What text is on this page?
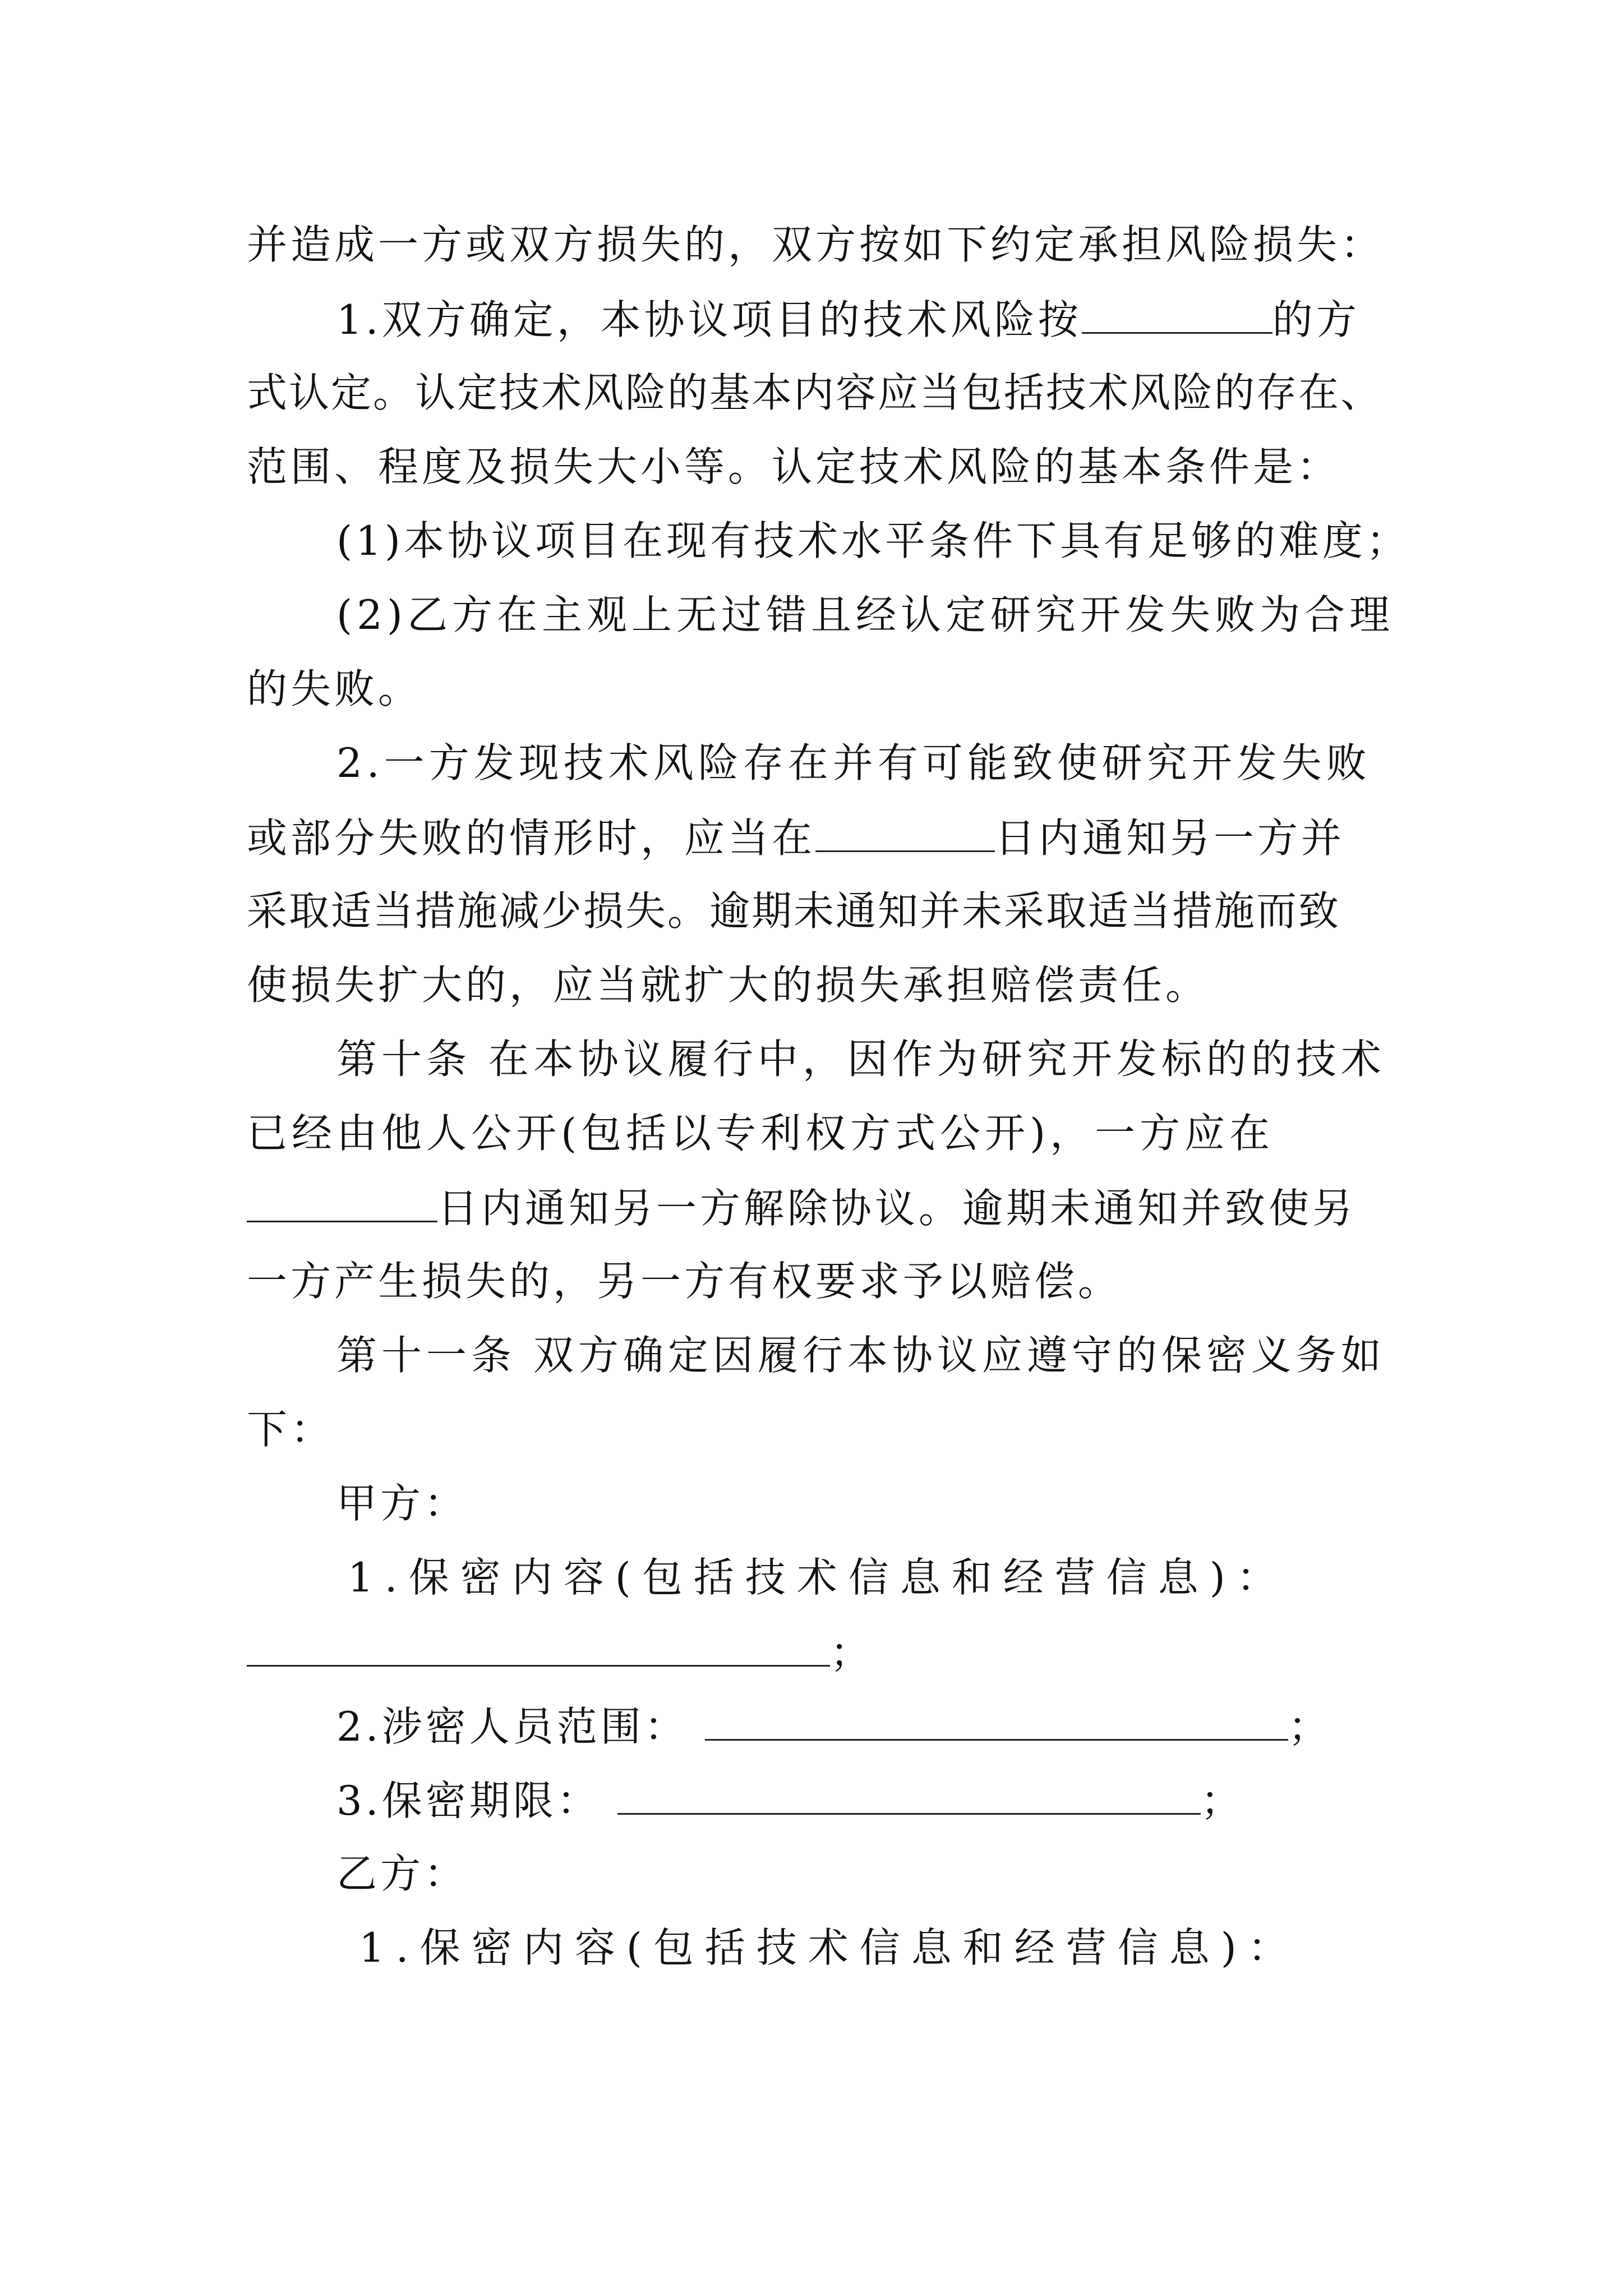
并造成一方或双方损失的，双方按如下约定承担风险损失：
1.双方确定，本协议项目的技术风险按	的方
式认定。认定技术风险的基本内容应当包括技术风险的存在、
范围、程度及损失大小等。认定技术风险的基本条件是：
(1)本协议项目在现有技术水平条件下具有足够的难度；
(2)乙方在主观上无过错且经认定研究开发失败为合理
的失败。
2.一方发现技术风险存在并有可能致使研究开发失败
或部分失败的情形时，应当在	日内通知另一方并
采取适当措施减少损失。逾期未通知并未采取适当措施而致
使损失扩大的，应当就扩大的损失承担赔偿责任。
第十条 在本协议履行中，因作为研究开发标的的技术
已经由他人公开(包括以专利权方式公开)，一方应在
日内通知另一方解除协议。逾期未通知并致使另
一方产生损失的，另一方有权要求予以赔偿。
第十一条 双方确定因履行本协议应遵守的保密义务如
下：
甲方：
1.保密内容(包括技术信息和经营信息)：
；
2.涉密人员范围：	；
3.保密期限：	；
乙方：
1.保密内容(包括技术信息和经营信息)：
